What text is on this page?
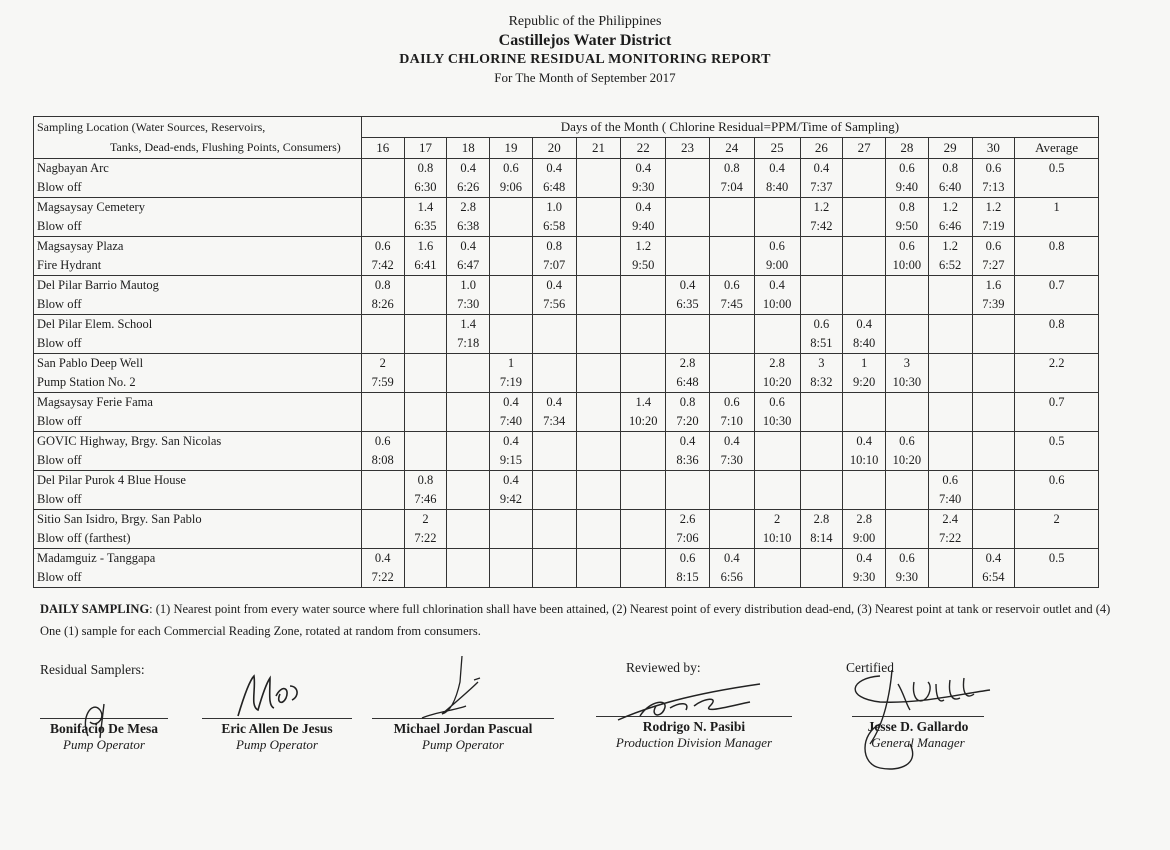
Republic of the Philippines
Castillejos Water District
DAILY CHLORINE RESIDUAL MONITORING REPORT
For The Month of September 2017
Sampling Location (Water Sources, Reservoirs,	Days of the Month ( Chlorine Residual=PPM/Time of Sampling)															
Tanks, Dead-ends, Flushing Points, Consumers)	16	17	18	19	20	21	22	23	24	25	26	27	28	29	30	Average
Nagbayan Arc		0.8	0.4	0.6	0.4		0.4		0.8	0.4	0.4		0.6	0.8	0.6	0.5
Blow off		6:30	6:26	9:06	6:48		9:30		7:04	8:40	7:37		9:40	6:40	7:13	
Magsaysay Cemetery		1.4	2.8		1.0		0.4				1.2		0.8	1.2	1.2	1
Blow off		6:35	6:38		6:58		9:40				7:42		9:50	6:46	7:19	
Magsaysay Plaza	0.6	1.6	0.4		0.8		1.2			0.6			0.6	1.2	0.6	0.8
Fire Hydrant	7:42	6:41	6:47		7:07		9:50			9:00			10:00	6:52	7:27	
Del Pilar Barrio Mautog	0.8		1.0		0.4			0.4	0.6	0.4					1.6	0.7
Blow off	8:26		7:30		7:56			6:35	7:45	10:00					7:39	
Del Pilar Elem. School			1.4								0.6	0.4				0.8
Blow off			7:18								8:51	8:40				
San Pablo Deep Well	2			1				2.8		2.8	3	1	3			2.2
Pump Station No. 2	7:59			7:19				6:48		10:20	8:32	9:20	10:30			
Magsaysay Ferie Fama				0.4	0.4		1.4	0.8	0.6	0.6						0.7
Blow off				7:40	7:34		10:20	7:20	7:10	10:30						
GOVIC Highway, Brgy. San Nicolas	0.6			0.4				0.4	0.4			0.4	0.6			0.5
Blow off	8:08			9:15				8:36	7:30			10:10	10:20			
Del Pilar Purok 4 Blue House		0.8		0.4										0.6		0.6
Blow off		7:46		9:42										7:40		
Sitio San Isidro, Brgy. San Pablo		2						2.6		2	2.8	2.8		2.4		2
Blow off (farthest)		7:22						7:06		10:10	8:14	9:00		7:22		
Madamguiz - Tanggapa	0.4							0.6	0.4			0.4	0.6		0.4	0.5
Blow off	7:22							8:15	6:56			9:30	9:30		6:54	
DAILY SAMPLING: (1) Nearest point from every water source where full chlorination shall have been attained, (2) Nearest point of every distribution dead-end, (3) Nearest point at tank or reservoir outlet and (4) One (1) sample for each Commercial Reading Zone, rotated at random from consumers.
Residual Samplers:	Reviewed by:	Certified
Bonifacio De Mesa
Pump Operator
Eric Allen De Jesus
Pump Operator
Michael Jordan Pascual
Pump Operator
Rodrigo N. Pasibi
Production Division Manager
Jesse D. Gallardo
General Manager
